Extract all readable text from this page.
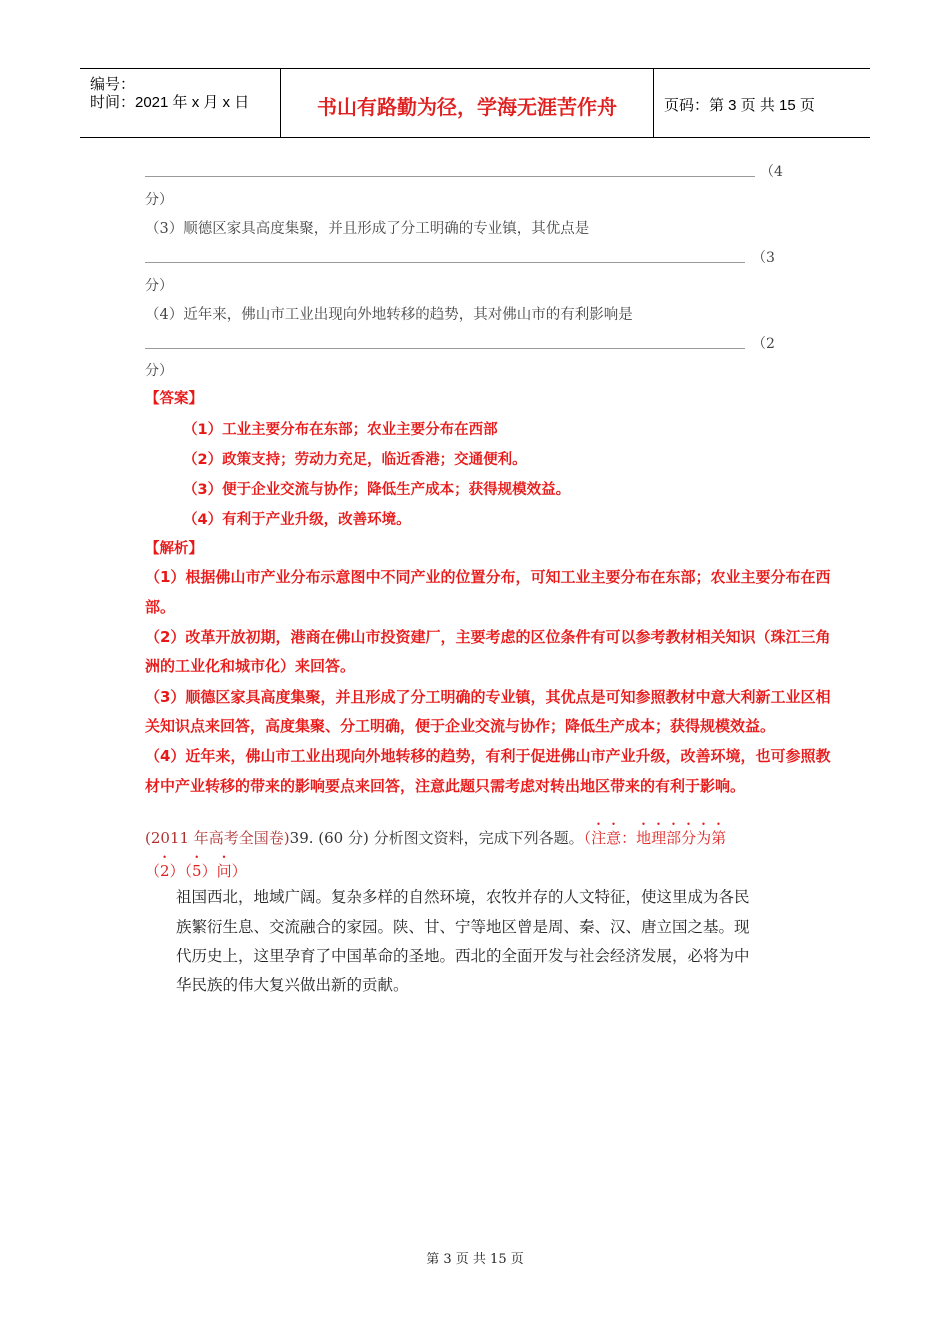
编号：
时间：2021 年 x 月 x 日	书山有路勤为径，学海无涯苦作舟	页码：第 3 页 共 15 页
（4
分）
（3）顺德区家具高度集聚，并且形成了分工明确的专业镇，其优点是
（3
分）
（4）近年来，佛山市工业出现向外地转移的趋势，其对佛山市的有利影响是
（2
分）
【答案】
（1）工业主要分布在东部；农业主要分布在西部
（2）政策支持；劳动力充足，临近香港；交通便利。
（3）便于企业交流与协作；降低生产成本；获得规模效益。
（4）有利于产业升级，改善环境。
【解析】
（1）根据佛山市产业分布示意图中不同产业的位置分布，可知工业主要分布在东部；农业主要分布在西
部。
（2）改革开放初期，港商在佛山市投资建厂，主要考虑的区位条件有可以参考教材相关知识（珠江三角
洲的工业化和城市化）来回答。
（3）顺德区家具高度集聚，并且形成了分工明确的专业镇，其优点是可知参照教材中意大利新工业区相
关知识点来回答，高度集聚、分工明确，便于企业交流与协作；降低生产成本；获得规模效益。
（4）近年来，佛山市工业出现向外地转移的趋势，有利于促进佛山市产业升级，改善环境，也可参照教
材中产业转移的带来的影响要点来回答，注意此题只需考虑对转出地区带来的有利于影响。
(2011 年高考全国卷)39. (60 分) 分析图文资料，完成下列各题。（注意：地理部分为第
（2）（5）问）
祖国西北，地域广阔。复杂多样的自然环境，农牧并存的人文特征，使这里成为各民
族繁衍生息、交流融合的家园。陕、甘、宁等地区曾是周、秦、汉、唐立国之基。现
代历史上，这里孕育了中国革命的圣地。西北的全面开发与社会经济发展，必将为中
华民族的伟大复兴做出新的贡献。
第 3 页 共 15 页
